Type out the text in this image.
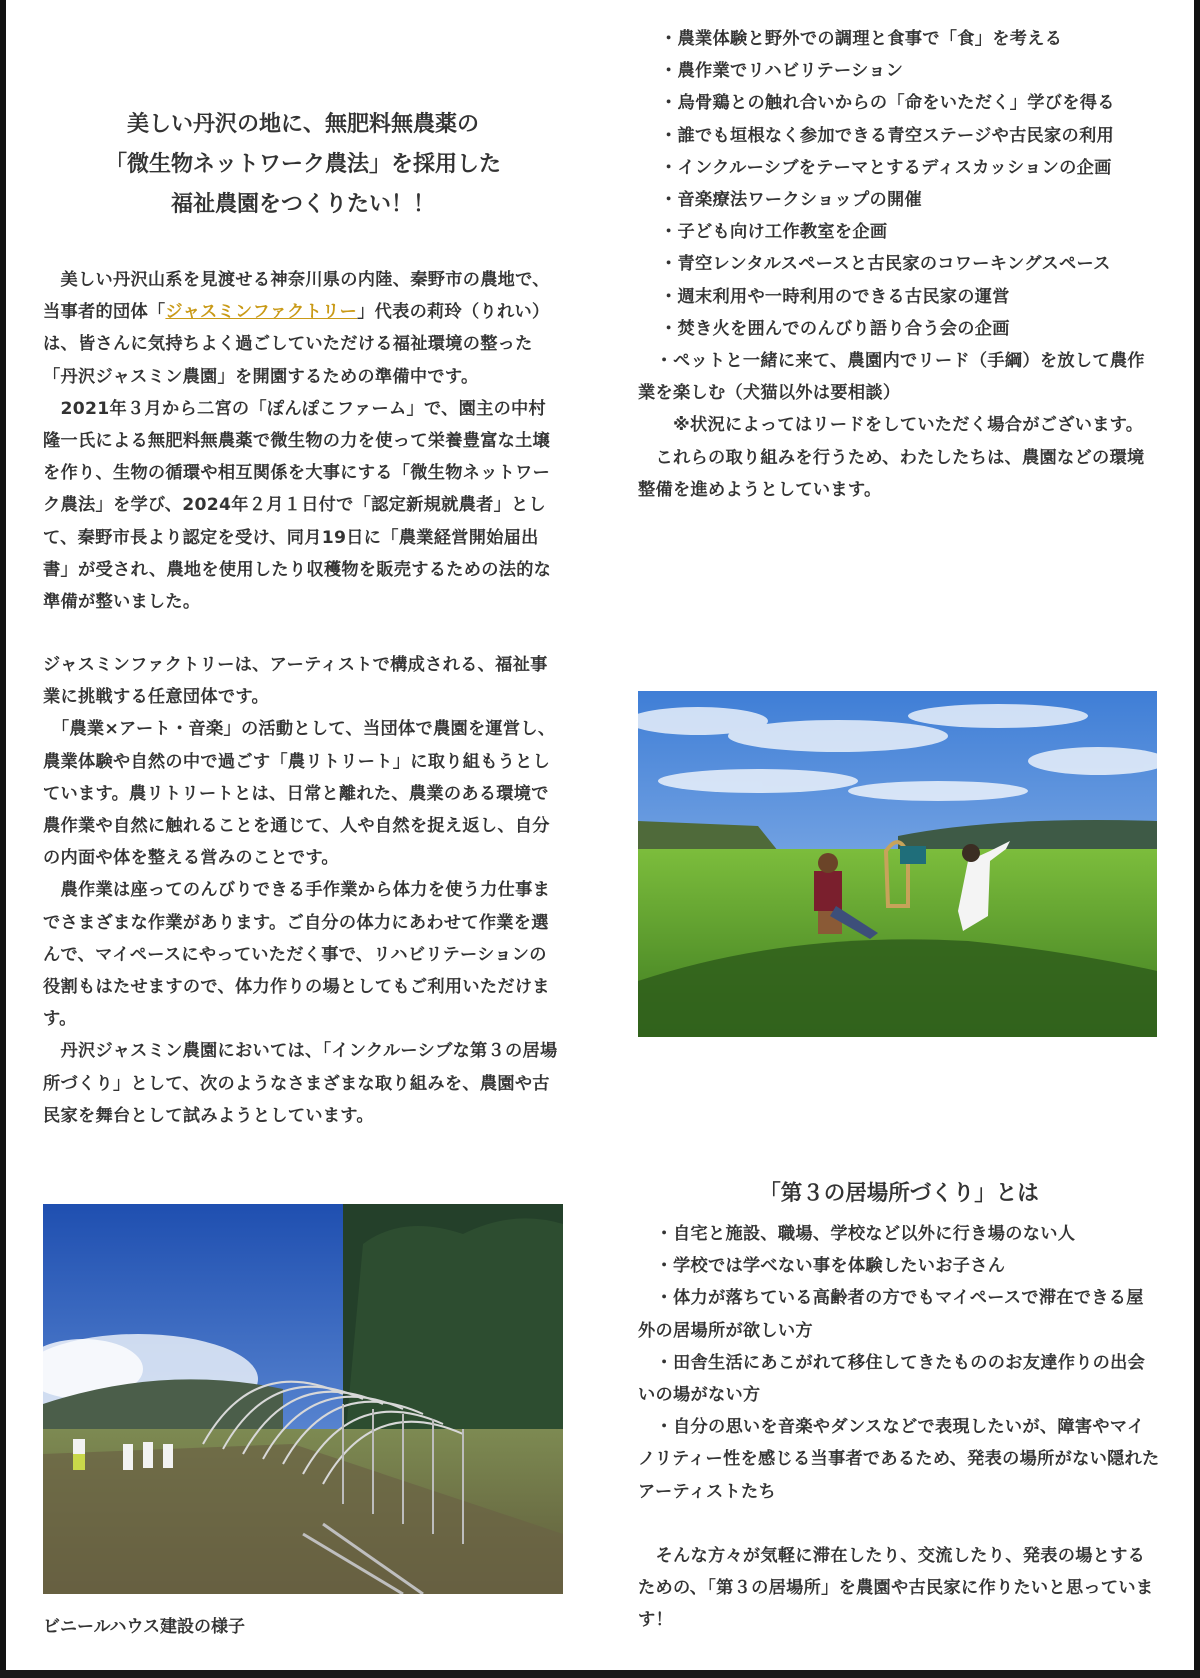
美しい丹沢の地に、無肥料無農薬の
「微生物ネットワーク農法」を採用した
福祉農園をつくりたい！！

　美しい丹沢山系を見渡せる神奈川県の内陸、秦野市の農地で、当事者的団体「ジャスミンファクトリー」代表の莉玲（りれい）は、皆さんに気持ちよく過ごしていただける福祉環境の整った「丹沢ジャスミン農園」を開園するための準備中です。

　2021年３月から二宮の「ぽんぽこファーム」で、園主の中村隆一氏による無肥料無農薬で微生物の力を使って栄養豊富な土壌を作り、生物の循環や相互関係を大事にする「微生物ネットワーク農法」を学び、2024年２月１日付で「認定新規就農者」として、秦野市長より認定を受け、同月19日に「農業経営開始届出書」が受され、農地を使用したり収穫物を販売するための法的な準備が整いました。

ジャスミンファクトリーは、アーティストで構成される、福祉事業に挑戦する任意団体です。

　「農業×アート・音楽」の活動として、当団体で農園を運営し、農業体験や自然の中で過ごす「農リトリート」に取り組もうとしています。農リトリートとは、日常と離れた、農業のある環境で農作業や自然に触れることを通じて、人や自然を捉え返し、自分の内面や体を整える営みのことです。

　農作業は座ってのんびりできる手作業から体力を使う力仕事までさまざまな作業があります。ご自分の体力にあわせて作業を選んで、マイペースにやっていただく事で、リハビリテーションの役割もはたせますので、体力作りの場としてもご利用いただけます。

　丹沢ジャスミン農園においては、「インクルーシブな第３の居場所づくり」として、次のようなさまざまな取り組みを、農園や古民家を舞台として試みようとしています。

ビニールハウス建設の様子

・農業体験と野外での調理と食事で「食」を考える

・農作業でリハビリテーション

・烏骨鶏との触れ合いからの「命をいただく」学びを得る

・誰でも垣根なく参加できる青空ステージや古民家の利用

・インクルーシブをテーマとするディスカッションの企画

・音楽療法ワークショップの開催

・子ども向け工作教室を企画

・青空レンタルスペースと古民家のコワーキングスペース

・週末利用や一時利用のできる古民家の運営

・焚き火を囲んでのんびり語り合う会の企画

　・ペットと一緒に来て、農園内でリード（手綱）を放して農作業を楽しむ（犬猫以外は要相談）

　　※状況によってはリードをしていただく場合がございます。

　これらの取り組みを行うため、わたしたちは、農園などの環境整備を進めようとしています。

「第３の居場所づくり」とは

　・自宅と施設、職場、学校など以外に行き場のない人

　・学校では学べない事を体験したいお子さん

　・体力が落ちている高齢者の方でもマイペースで滞在できる屋外の居場所が欲しい方

　・田舎生活にあこがれて移住してきたもののお友達作りの出会いの場がない方

　・自分の思いを音楽やダンスなどで表現したいが、障害やマイノリティー性を感じる当事者であるため、発表の場所がない隠れたアーティストたち

　そんな方々が気軽に滞在したり、交流したり、発表の場とするための、「第３の居場所」を農園や古民家に作りたいと思っています！
